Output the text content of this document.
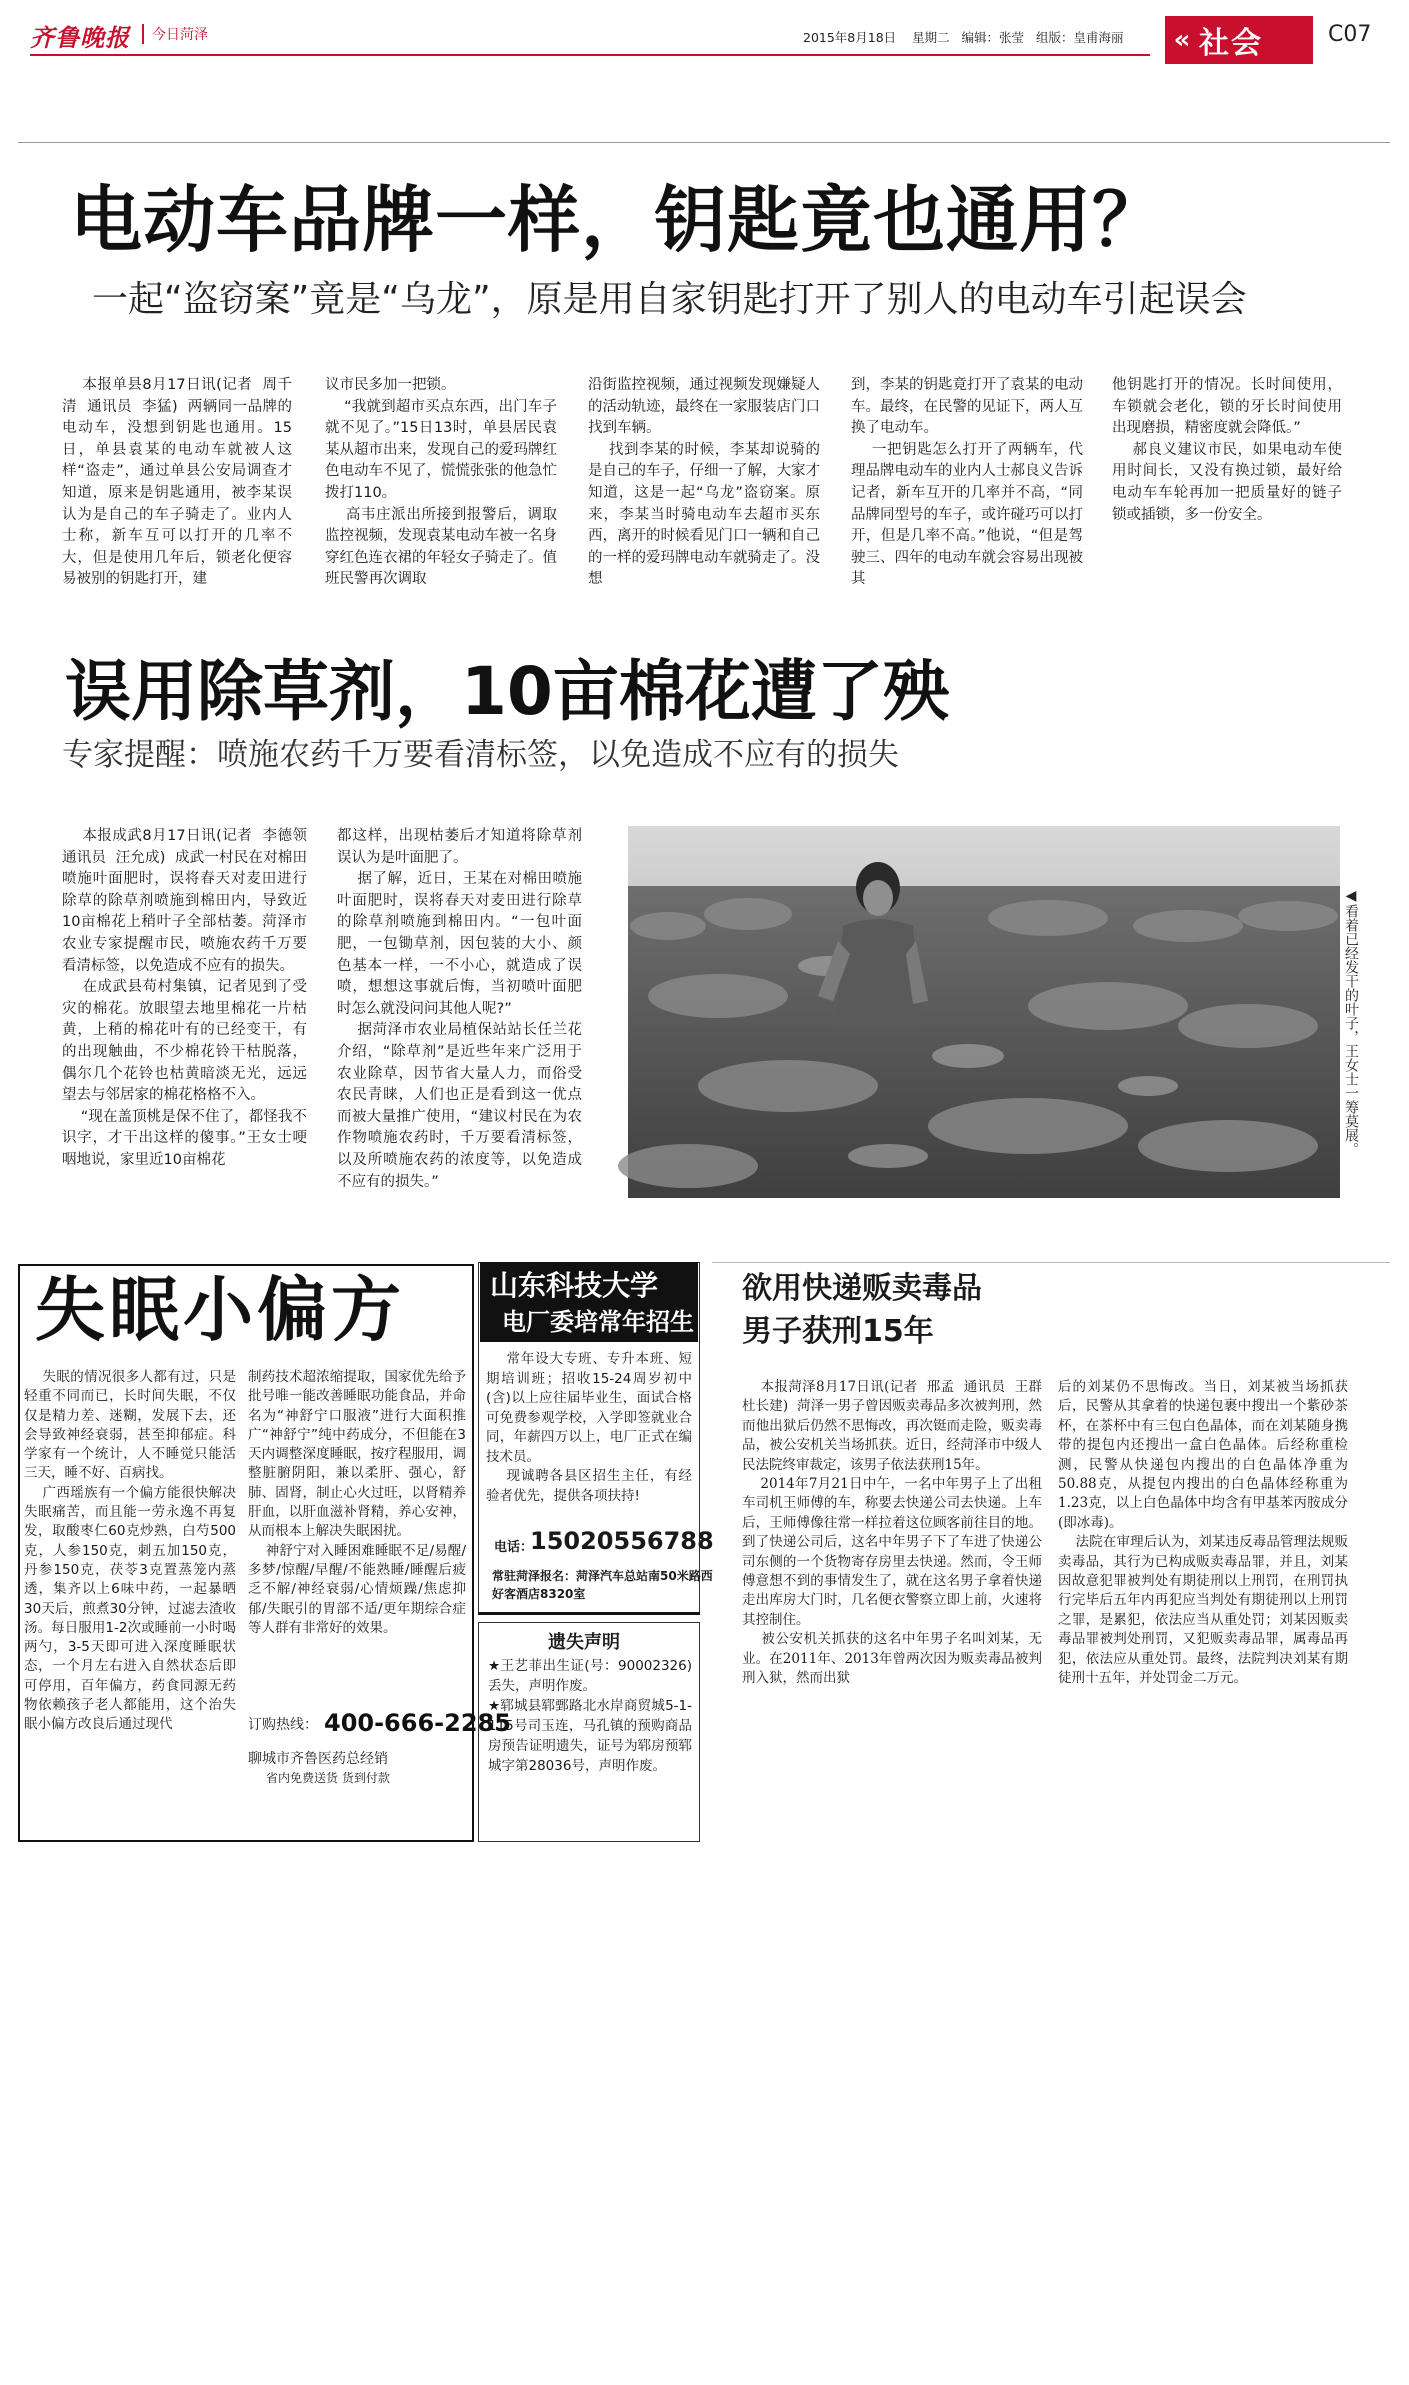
齐鲁晚报	今日菏泽	2015年8月18日 星期二 编辑：张莹 组版：皇甫海丽	« 社会	C07
电动车品牌一样，钥匙竟也通用？
一起“盗窃案”竟是“乌龙”，原是用自家钥匙打开了别人的电动车引起误会
本报单县8月17日讯(记者  周千清  通讯员  李猛)  两辆同一品牌的电动车，没想到钥匙也通用。15日，单县袁某的电动车就被人这样“盗走”，通过单县公安局调查才知道，原来是钥匙通用，被李某误认为是自己的车子骑走了。业内人士称，新车互可以打开的几率不大，但是使用几年后，锁老化便容易被别的钥匙打开，建
议市民多加一把锁。
“我就到超市买点东西，出门车子就不见了。”15日13时，单县居民袁某从超市出来，发现自己的爱玛牌红色电动车不见了，慌慌张张的他急忙拨打110。
高韦庄派出所接到报警后，调取监控视频，发现袁某电动车被一名身穿红色连衣裙的年轻女子骑走了。值班民警再次调取
沿街监控视频，通过视频发现嫌疑人的活动轨迹，最终在一家服装店门口找到车辆。
找到李某的时候，李某却说骑的是自己的车子，仔细一了解，大家才知道，这是一起“乌龙”盗窃案。原来，李某当时骑电动车去超市买东西，离开的时候看见门口一辆和自己的一样的爱玛牌电动车就骑走了。没想
到，李某的钥匙竟打开了袁某的电动车。最终，在民警的见证下，两人互换了电动车。
一把钥匙怎么打开了两辆车，代理品牌电动车的业内人士郝良义告诉记者，新车互开的几率并不高，“同品牌同型号的车子，或许碰巧可以打开，但是几率不高。”他说，“但是驾驶三、四年的电动车就会容易出现被其
他钥匙打开的情况。长时间使用，车锁就会老化，锁的牙长时间使用出现磨损，精密度就会降低。”
郝良义建议市民，如果电动车使用时间长，又没有换过锁，最好给电动车车轮再加一把质量好的链子锁或插锁，多一份安全。
误用除草剂，10亩棉花遭了殃
专家提醒：喷施农药千万要看清标签，以免造成不应有的损失
本报成武8月17日讯(记者  李德领  通讯员  汪允成)  成武一村民在对棉田喷施叶面肥时，误将春天对麦田进行除草的除草剂喷施到棉田内，导致近10亩棉花上稍叶子全部枯萎。菏泽市农业专家提醒市民，喷施农药千万要看清标签，以免造成不应有的损失。
在成武县苟村集镇，记者见到了受灾的棉花。放眼望去地里棉花一片枯黄，上稍的棉花叶有的已经变干，有的出现触曲，不少棉花铃干枯脱落，偶尔几个花铃也枯黄暗淡无光，远远望去与邻居家的棉花格格不入。
“现在盖顶桃是保不住了，都怪我不识字，才干出这样的傻事。”王女士哽咽地说，家里近10亩棉花
都这样，出现枯萎后才知道将除草剂误认为是叶面肥了。
据了解，近日，王某在对棉田喷施叶面肥时，误将春天对麦田进行除草的除草剂喷施到棉田内。“一包叶面肥，一包锄草剂，因包装的大小、颜色基本一样，一不小心，就造成了误喷，想想这事就后悔，当初喷叶面肥时怎么就没问问其他人呢?”
据菏泽市农业局植保站站长任兰花介绍，“除草剂”是近些年来广泛用于农业除草，因节省大量人力，而俗受农民青睐，人们也正是看到这一优点而被大量推广使用，“建议村民在为农作物喷施农药时，千万要看清标签，以及所喷施农药的浓度等，以免造成不应有的损失。”
◀看着已经发干的叶子，王女士一筹莫展。
失眠小偏方
失眠的情况很多人都有过，只是轻重不同而已，长时间失眠，不仅仅是精力差、迷糊，发展下去，还会导致神经衰弱，甚至抑郁症。科学家有一个统计，人不睡觉只能活三天，睡不好、百病找。
广西瑶族有一个偏方能很快解决失眠痛苦，而且能一劳永逸不再复发，取酸枣仁60克炒熟，白芍500克，人参150克，刺五加150克，丹参150克，茯苓3克置蒸笼内蒸透，集齐以上6味中药，一起暴晒30天后，煎煮30分钟，过滤去渣收汤。每日服用1-2次或睡前一小时喝两勺，3-5天即可进入深度睡眠状态，一个月左右进入自然状态后即可停用，百年偏方，药食同源无药物依赖孩子老人都能用，这个治失眠小偏方改良后通过现代
制药技术超浓缩提取，国家优先给予批号唯一能改善睡眠功能食品，并命名为“神舒宁口服液”进行大面积推广“神舒宁”纯中药成分，不但能在3天内调整深度睡眠，按疗程服用，调整脏腑阴阳，兼以柔肝、强心，舒肺、固肾，制止心火过旺，以肾精养肝血，以肝血滋补肾精，养心安神，从而根本上解决失眠困扰。
神舒宁对入睡困难睡眠不足/易醒/多梦/惊醒/早醒/不能熟睡/睡醒后疲乏不解/神经衰弱/心情烦躁/焦虑抑郁/失眠引的胃部不适/更年期综合症等人群有非常好的效果。
订购热线： 400-666-2285
聊城市齐鲁医药总经销
省内免费送货 货到付款
山东科技大学
电厂委培常年招生
常年设大专班、专升本班、短期培训班；招收15-24周岁初中(含)以上应往届毕业生，面试合格可免费参观学校，入学即签就业合同，年薪四万以上，电厂正式在编技术员。
现诚聘各县区招生主任，有经验者优先，提供各项扶持!
电话：
15020556788
常驻菏泽报名：菏泽汽车总站南50米路西
好客酒店8320室
遗失声明
★王艺菲出生证(号：90002326)丢失，声明作废。
★郓城县郓鄄路北水岸商贸城5-1-115号司玉连，马孔镇的预购商品房预告证明遗失，证号为郓房预郓城字第28036号，声明作废。
欲用快递贩卖毒品
男子获刑15年
本报菏泽8月17日讯(记者  邢孟  通讯员  王群  杜长建)  菏泽一男子曾因贩卖毒品多次被判刑，然而他出狱后仍然不思悔改，再次铤而走险，贩卖毒品，被公安机关当场抓获。近日，经菏泽市中级人民法院终审裁定，该男子依法获刑15年。
2014年7月21日中午，一名中年男子上了出租车司机王师傅的车，称要去快递公司去快递。上车后，王师傅像往常一样拉着这位顾客前往目的地。到了快递公司后，这名中年男子下了车进了快递公司东侧的一个货物寄存房里去快递。然而，令王师傅意想不到的事情发生了，就在这名男子拿着快递走出库房大门时，几名便衣警察立即上前，火速将其控制住。
被公安机关抓获的这名中年男子名叫刘某，无业。在2011年、2013年曾两次因为贩卖毒品被判刑入狱，然而出狱
后的刘某仍不思悔改。当日，刘某被当场抓获后，民警从其拿着的快递包裹中搜出一个紫砂茶杯，在茶杯中有三包白色晶体，而在刘某随身携带的提包内还搜出一盒白色晶体。后经称重检测，民警从快递包内搜出的白色晶体净重为50.88克，从提包内搜出的白色晶体经称重为1.23克，以上白色晶体中均含有甲基苯丙胺成分(即冰毒)。
法院在审理后认为，刘某违反毒品管理法规贩卖毒品，其行为已构成贩卖毒品罪，并且，刘某因故意犯罪被判处有期徒刑以上刑罚，在刑罚执行完毕后五年内再犯应当判处有期徒刑以上刑罚之罪，是累犯，依法应当从重处罚；刘某因贩卖毒品罪被判处刑罚，又犯贩卖毒品罪，属毒品再犯，依法应从重处罚。最终，法院判决刘某有期徒刑十五年，并处罚金二万元。
